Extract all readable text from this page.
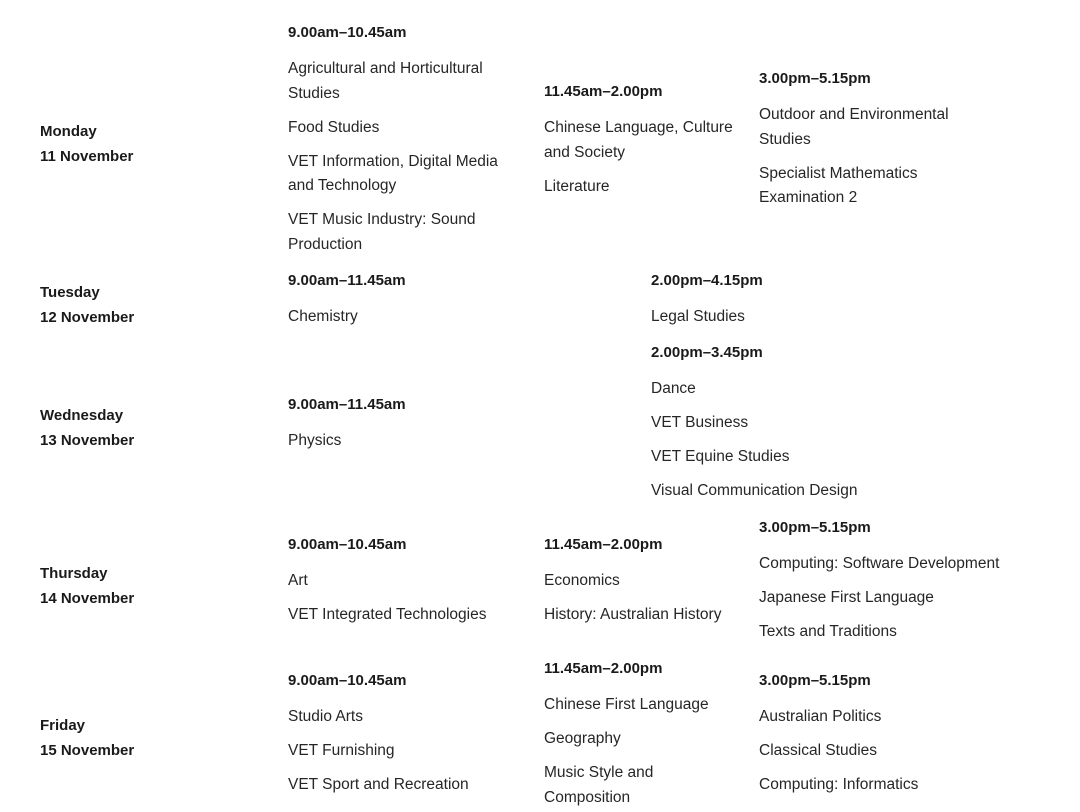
Monday
11 November
9.00am–10.45am
Agricultural and Horticultural Studies
Food Studies
VET Information, Digital Media and Technology
VET Music Industry: Sound Production
11.45am–2.00pm
Chinese Language, Culture and Society
Literature
3.00pm–5.15pm
Outdoor and Environmental Studies
Specialist Mathematics Examination 2
Tuesday
12 November
9.00am–11.45am
Chemistry
2.00pm–4.15pm
Legal Studies
Wednesday
13 November
9.00am–11.45am
Physics
2.00pm–3.45pm
Dance
VET Business
VET Equine Studies
Visual Communication Design
Thursday
14 November
9.00am–10.45am
Art
VET Integrated Technologies
11.45am–2.00pm
Economics
History: Australian History
3.00pm–5.15pm
Computing: Software Development
Japanese First Language
Texts and Traditions
Friday
15 November
9.00am–10.45am
Studio Arts
VET Furnishing
VET Sport and Recreation
11.45am–2.00pm
Chinese First Language
Geography
Music Style and Composition
3.00pm–5.15pm
Australian Politics
Classical Studies
Computing: Informatics
